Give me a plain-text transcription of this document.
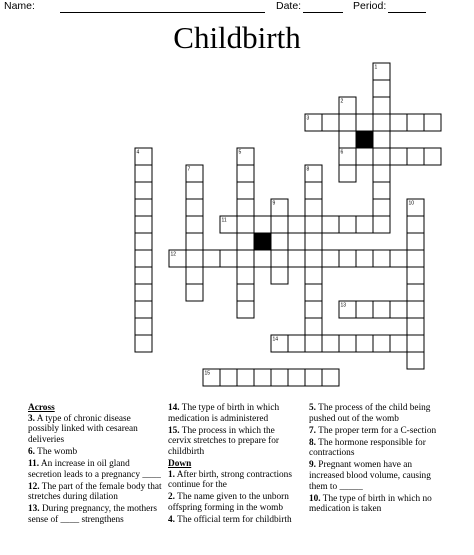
Name:	Date:	Period:
Childbirth
1
2
3
4	5	6
7	8
9	10
11
12
13
14
15
Across
3. A type of chronic disease possibly linked with cesarean deliveries
6. The womb
11. An increase in oil gland secretion leads to a pregnancy ____
12. The part of the female body that stretches during dilation
13. During pregnancy, the mothers sense of ____ strengthens
14. The type of birth in which medication is administered
15. The process in which the cervix stretches to prepare for childbirth
Down
1. After birth, strong contractions continue for the
2. The name given to the unborn offspring forming in the womb
4. The official term for childbirth
5. The process of the child being pushed out of the womb
7. The proper term for a C-section
8. The hormone responsible for contractions
9. Pregnant women have an increased blood volume, causing them to _____
10. The type of birth in which no medication is taken
